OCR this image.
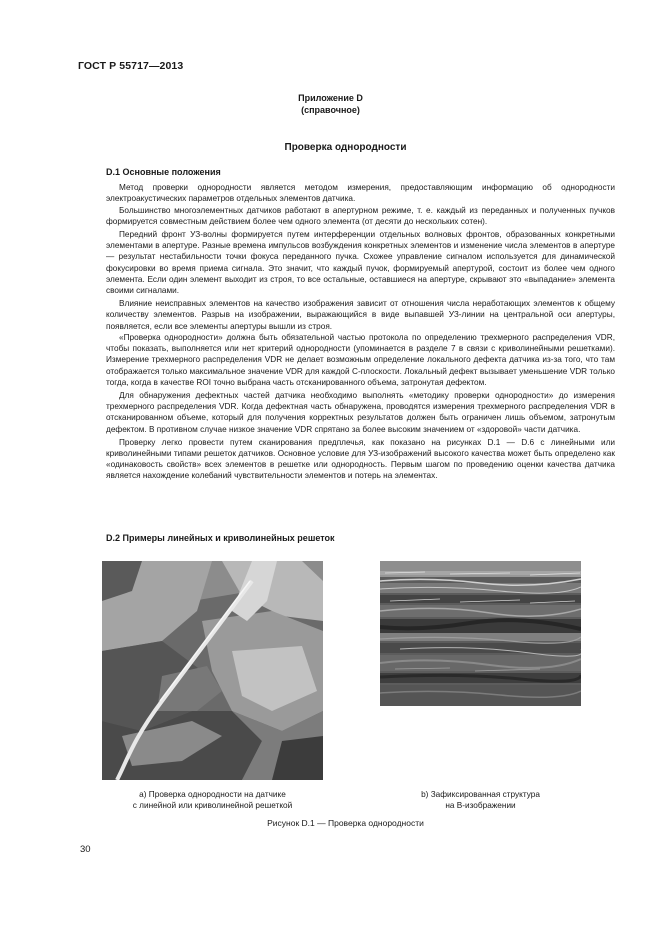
ГОСТ Р 55717—2013
Приложение D
(справочное)
Проверка однородности
D.1 Основные положения

Метод проверки однородности является методом измерения, предоставляющим информацию об однородности электроакустических параметров отдельных элементов датчика.

Большинство многоэлементных датчиков работают в апертурном режиме, т. е. каждый из переданных и полученных пучков формируется совместным действием более чем одного элемента (от десяти до нескольких сотен).

Передний фронт УЗ-волны формируется путем интерференции отдельных волновых фронтов, образованных конкретными элементами в апертуре. Разные времена импульсов возбуждения конкретных элементов и изменение числа элементов в апертуре — результат нестабильности точки фокуса переданного пучка. Схожее управление сигналом используется для динамической фокусировки во время приема сигнала. Это значит, что каждый пучок, формируемый апертурой, состоит из более чем одного элемента. Если один элемент выходит из строя, то все остальные, оставшиеся на апертуре, скрывают это «выпадание» элемента своими сигналами.

Влияние неисправных элементов на качество изображения зависит от отношения числа неработающих элементов к общему количеству элементов. Разрыв на изображении, выражающийся в виде выпавшей УЗ-линии на центральной оси апертуры, появляется, если все элементы апертуры вышли из строя.

«Проверка однородности» должна быть обязательной частью протокола по определению трехмерного распределения VDR, чтобы показать, выполняется или нет критерий однородности (упоминается в разделе 7 в связи с криволинейными решетками). Измерение трехмерного распределения VDR не делает возможным определение локального дефекта датчика из-за того, что там отображается только максимальное значение VDR для каждой C-плоскости. Локальный дефект вызывает уменьшение VDR только тогда, когда в качестве ROI точно выбрана часть отсканированного объема, затронутая дефектом.

Для обнаружения дефектных частей датчика необходимо выполнять «методику проверки однородности» до измерения трехмерного распределения VDR. Когда дефектная часть обнаружена, проводятся измерения трехмерного распределения VDR в отсканированном объеме, который для получения корректных результатов должен быть ограничен лишь объемом, затронутым дефектом. В противном случае низкое значение VDR спрятано за более высоким значением от «здоровой» части датчика.

Проверку легко провести путем сканирования предплечья, как показано на рисунках D.1 — D.6 с линейными или криволинейными типами решеток датчиков. Основное условие для УЗ-изображений высокого качества может быть определено как «одинаковость свойств» всех элементов в решетке или однородность. Первым шагом по проведению оценки качества датчика является нахождение колебаний чувствительности элементов и потерь на элементах.

D.2 Примеры линейных и криволинейных решеток
а) Проверка однородности на датчике
с линейной или криволинейной решеткой
b) Зафиксированная структура
на B-изображении
Рисунок D.1 — Проверка однородности
30
